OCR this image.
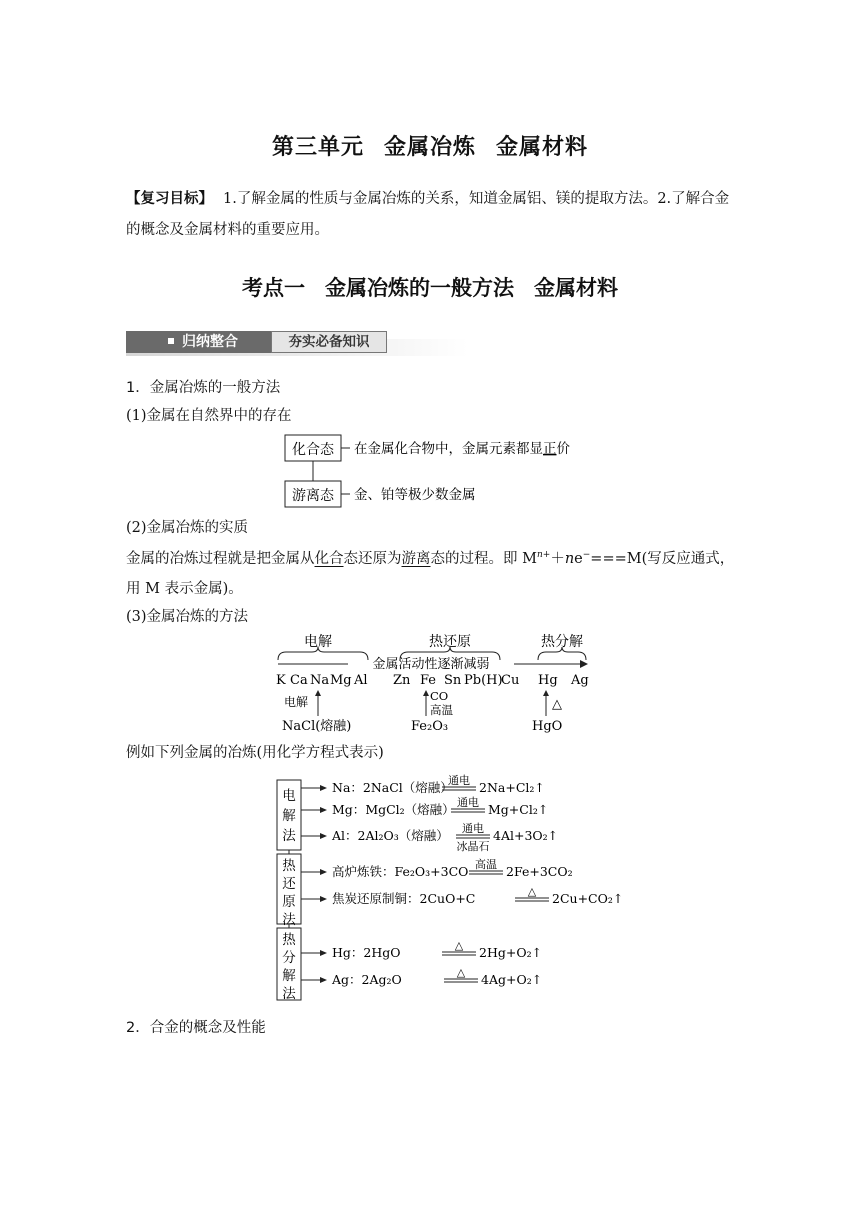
第三单元 金属冶炼 金属材料
【复习目标】 1.了解金属的性质与金属冶炼的关系，知道金属铝、镁的提取方法。2.了解合金的概念及金属材料的重要应用。
考点一 金属冶炼的一般方法 金属材料
归纳整合	夯实必备知识
1．金属冶炼的一般方法
(1)金属在自然界中的存在
化合态
游离态
在金属化合物中，金属元素都显正价
金、铂等极少数金属
(2)金属冶炼的实质
金属的冶炼过程就是把金属从化合态还原为游离态的过程。即 $M^{n+}+ne^-===M$(写反应通式，用 M 表示金属)。
(3)金属冶炼的方法
电解	热还原	热分解
金属活动性逐渐减弱
K Ca Na Mg Al Zn Fe Sn Pb(H) Cu Hg Ag
电解
NaCl(熔融)
CO
高温
Fe₂O₃
△
HgO
例如下列金属的冶炼(用化学方程式表示)
电解法
热还原法
热分解法
Na：2NaCl（熔融）
通电 2Na+Cl₂↑
Mg：MgCl₂（熔融） 通电 Mg+Cl₂↑
Al：2Al₂O₃（熔融） 通电
冰晶石
4Al+3O₂↑
高炉炼铁：Fe₂O₃+3CO 高温 2Fe+3CO₂
焦炭还原制铜：2CuO+C	△ 2Cu+CO₂↑
Hg：2HgO	△ 2Hg+O₂↑
Ag：2Ag₂O	△ 4Ag+O₂↑
2．合金的概念及性能
